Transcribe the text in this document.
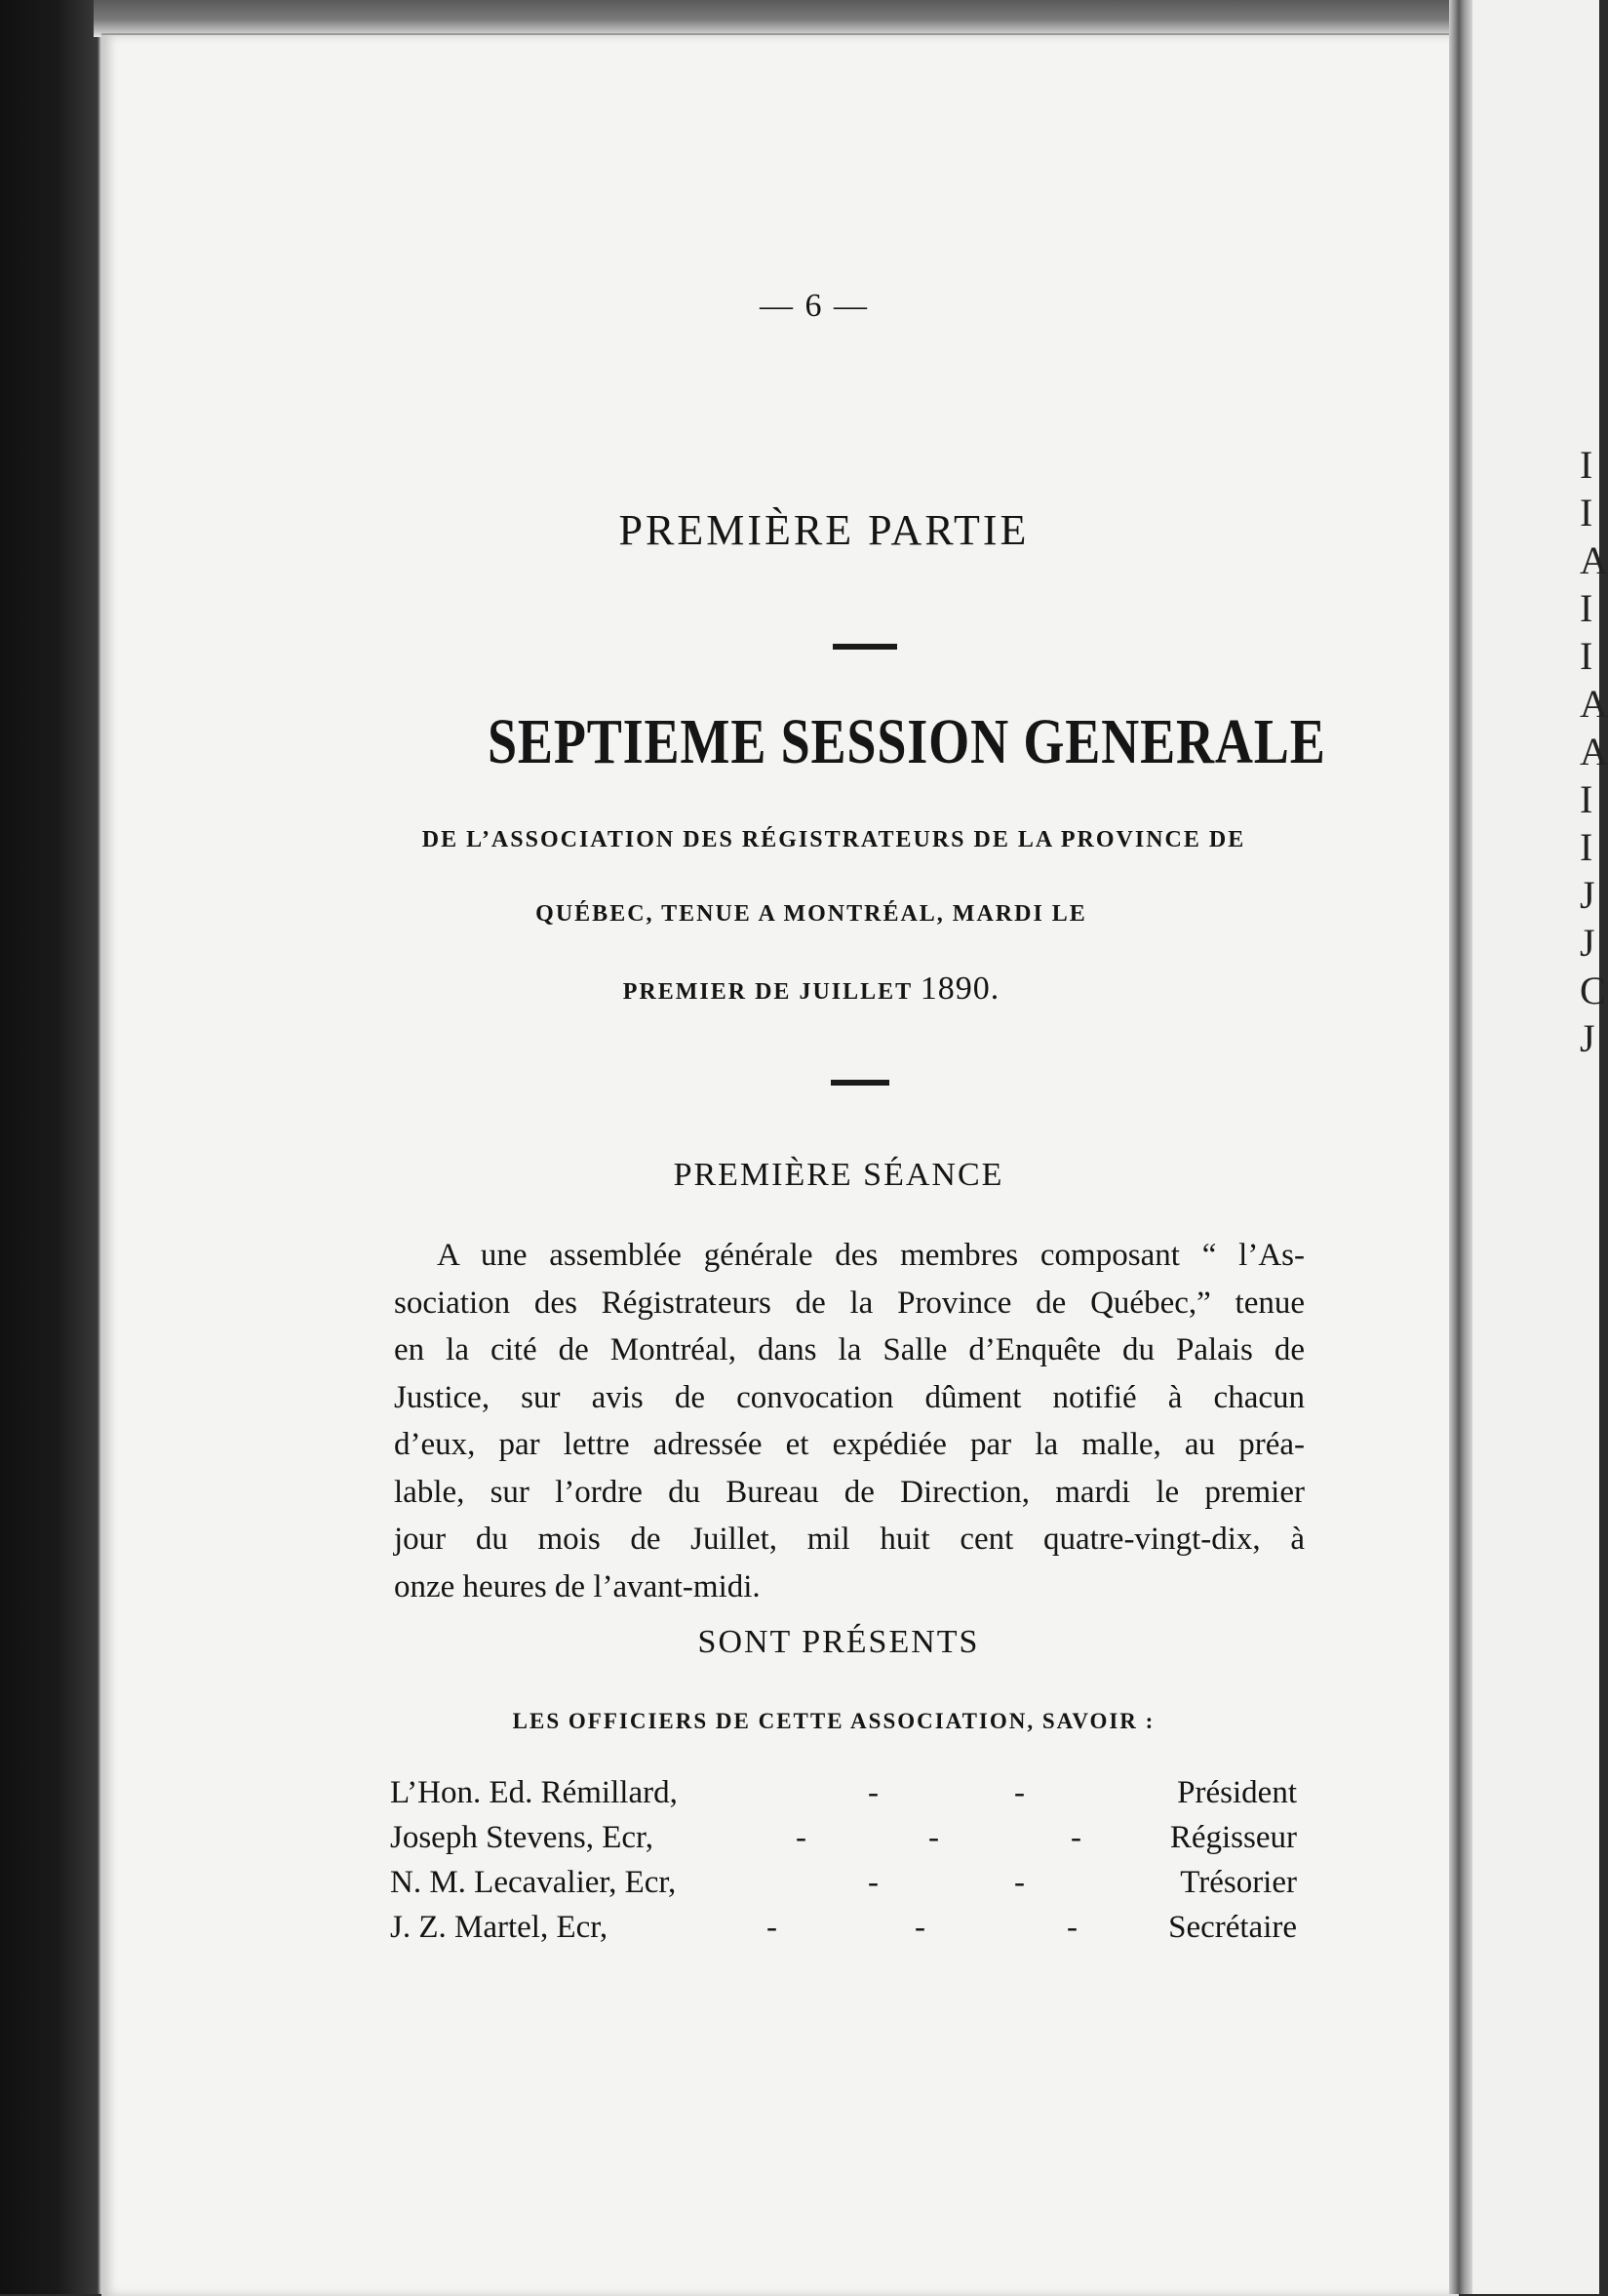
I
I
A
I
I
A
A
I
I
J
J
C
J
— 6 —
PREMIÈRE PARTIE
SEPTIEME SESSION GENERALE
DE L’ASSOCIATION DES RÉGISTRATEURS DE LA PROVINCE DE
QUÉBEC, TENUE A MONTRÉAL, MARDI LE
PREMIER DE JUILLET 1890.
PREMIÈRE SÉANCE
A une assemblée générale des membres composant “ l’As-
sociation des Régistrateurs de la Province de Québec,” tenue
en la cité de Montréal, dans la Salle d’Enquête du Palais de
Justice, sur avis de convocation dûment notifié à chacun
d’eux, par lettre adressée et expédiée par la malle, au préa-
lable, sur l’ordre du Bureau de Direction, mardi le premier
jour du mois de Juillet, mil huit cent quatre-vingt-dix, à
onze heures de l’avant-midi.
SONT PRÉSENTS
LES OFFICIERS DE CETTE ASSOCIATION, SAVOIR :
L’Hon. Ed. Rémillard,	-	-	Président
Joseph Stevens, Ecr,	-	-	-	Régisseur
N. M. Lecavalier, Ecr,	-	-	Trésorier
J. Z. Martel, Ecr,	-	-	-	Secrétaire
